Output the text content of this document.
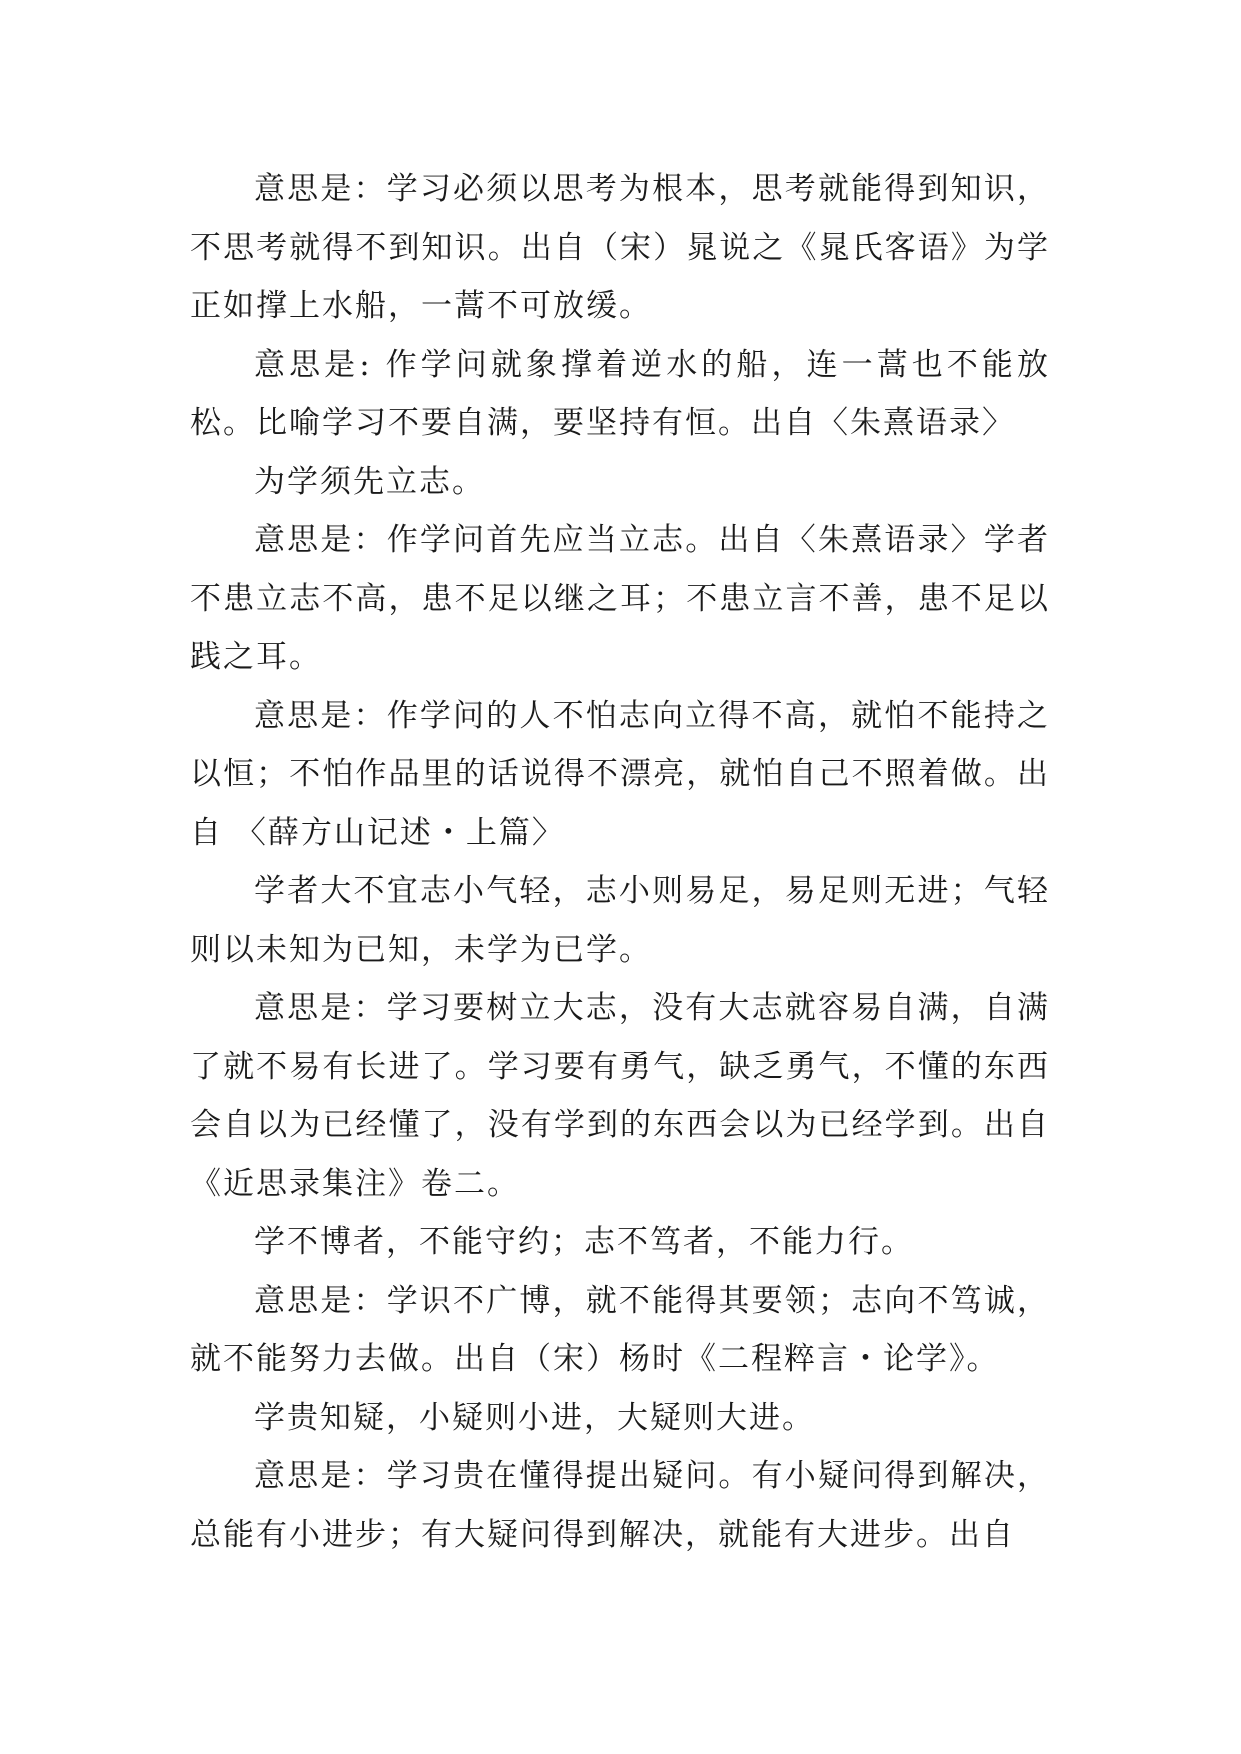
意思是：学习必须以思考为根本，思考就能得到知识，不思考就得不到知识。出自（宋）晁说之《晁氏客语》为学正如撑上水船，一蒿不可放缓。

意思是: 作学问就象撑着逆水的船，连一蒿也不能放松。比喻学习不要自满，要坚持有恒。出自〈朱熹语录〉

为学须先立志。

意思是：作学问首先应当立志。出自〈朱熹语录〉学者不患立志不高，患不足以继之耳；不患立言不善，患不足以践之耳。

意思是：作学问的人不怕志向立得不高，就怕不能持之以恒；不怕作品里的话说得不漂亮，就怕自己不照着做。出自 〈薛方山记述・上篇〉

学者大不宜志小气轻，志小则易足，易足则无进；气轻则以未知为已知，未学为已学。

意思是：学习要树立大志，没有大志就容易自满，自满了就不易有长进了。学习要有勇气，缺乏勇气，不懂的东西会自以为已经懂了，没有学到的东西会以为已经学到。出自《近思录集注》卷二。

学不博者，不能守约；志不笃者，不能力行。

意思是：学识不广博，就不能得其要领；志向不笃诚，就不能努力去做。出自（宋）杨时《二程粹言・论学》。

学贵知疑，小疑则小进，大疑则大进。

意思是：学习贵在懂得提出疑问。有小疑问得到解决，总能有小进步；有大疑问得到解决，就能有大进步。出自
